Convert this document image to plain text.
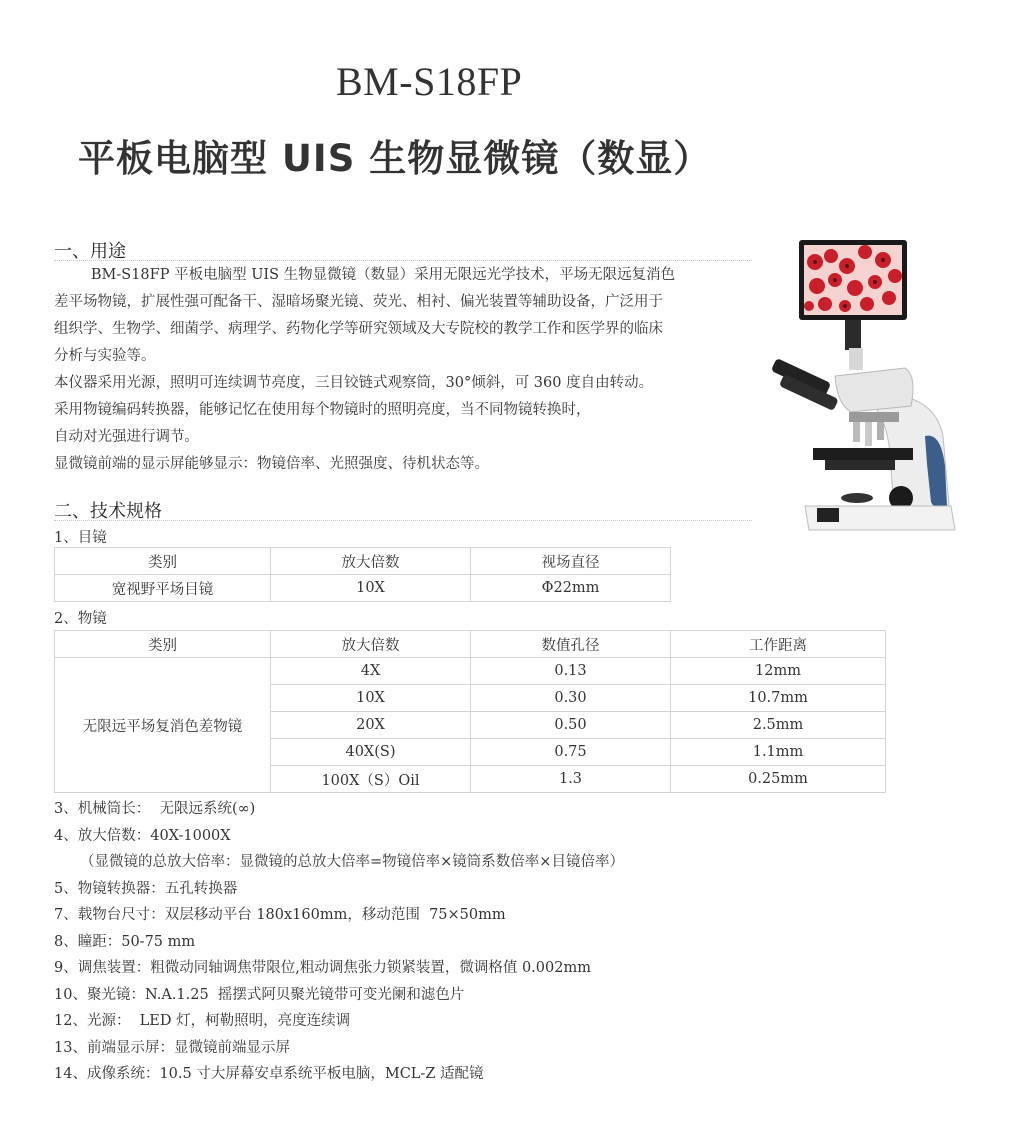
BM-S18FP
平板电脑型 UIS 生物显微镜（数显）
一、用途
BM-S18FP 平板电脑型 UIS 生物显微镜（数显）采用无限远光学技术，平场无限远复消色
差平场物镜，扩展性强可配备干、湿暗场聚光镜、荧光、相衬、偏光装置等辅助设备，广泛用于
组织学、生物学、细菌学、病理学、药物化学等研究领域及大专院校的教学工作和医学界的临床
分析与实验等。
本仪器采用光源，照明可连续调节亮度，三目铰链式观察筒，30°倾斜，可 360 度自由转动。
采用物镜编码转换器，能够记忆在使用每个物镜时的照明亮度，当不同物镜转换时，
自动对光强进行调节。
显微镜前端的显示屏能够显示：物镜倍率、光照强度、待机状态等。
二、技术规格
1、目镜
类别	放大倍数	视场直径
宽视野平场目镜	10X	Φ22mm
2、物镜
类别	放大倍数	数值孔径	工作距离
无限远平场复消色差物镜	4X	0.13	12mm
	10X	0.30	10.7mm
	20X	0.50	2.5mm
	40X(S)	0.75	1.1mm
	100X（S）Oil	1.3	0.25mm
3、机械筒长：  无限远系统(∞)
4、放大倍数：40X-1000X
（显微镜的总放大倍率：显微镜的总放大倍率=物镜倍率×镜筒系数倍率×目镜倍率）
5、物镜转换器：五孔转换器
7、载物台尺寸：双层移动平台 180x160mm，移动范围  75×50mm
8、瞳距：50-75 mm
9、调焦装置：粗微动同轴调焦带限位,粗动调焦张力锁紧装置，微调格值 0.002mm
10、聚光镜：N.A.1.25  摇摆式阿贝聚光镜带可变光阑和滤色片
12、光源：  LED 灯，柯勒照明，亮度连续调
13、前端显示屏：显微镜前端显示屏
14、成像系统：10.5 寸大屏幕安卓系统平板电脑，MCL-Z 适配镜
